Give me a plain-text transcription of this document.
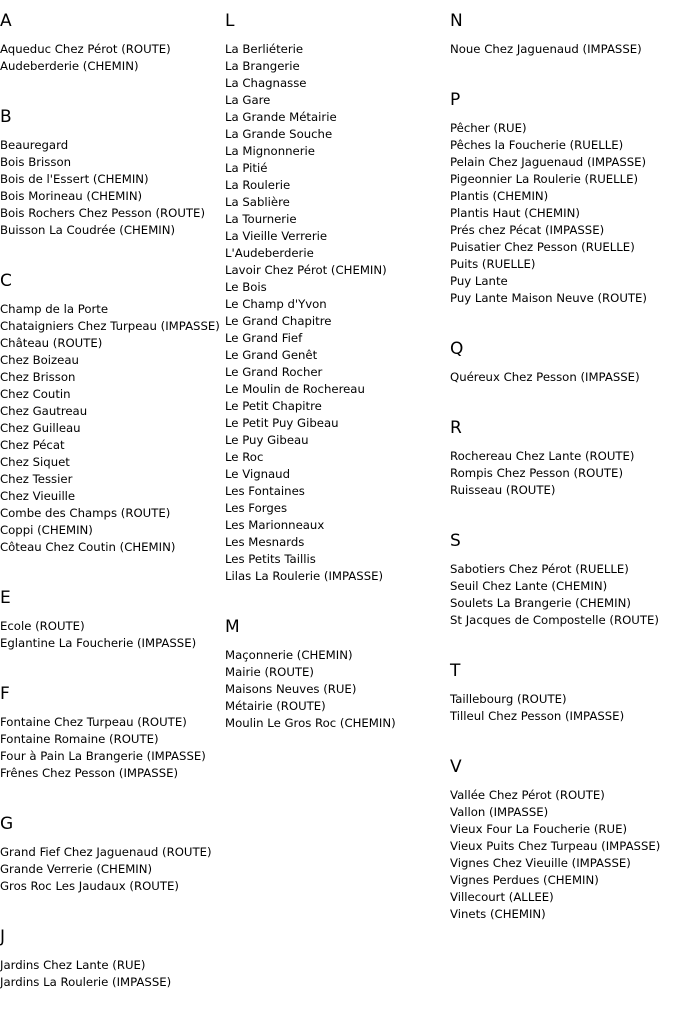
A
Aqueduc Chez Pérot (ROUTE)
Audeberderie (CHEMIN)
B
Beauregard
Bois Brisson
Bois de l'Essert (CHEMIN)
Bois Morineau (CHEMIN)
Bois Rochers Chez Pesson (ROUTE)
Buisson La Coudrée (CHEMIN)
C
Champ de la Porte
Chataigniers Chez Turpeau (IMPASSE)
Château (ROUTE)
Chez Boizeau
Chez Brisson
Chez Coutin
Chez Gautreau
Chez Guilleau
Chez Pécat
Chez Siquet
Chez Tessier
Chez Vieuille
Combe des Champs (ROUTE)
Coppi (CHEMIN)
Côteau Chez Coutin (CHEMIN)
E
Ecole (ROUTE)
Eglantine La Foucherie (IMPASSE)
F
Fontaine Chez Turpeau (ROUTE)
Fontaine Romaine (ROUTE)
Four à Pain La Brangerie (IMPASSE)
Frênes Chez Pesson (IMPASSE)
G
Grand Fief Chez Jaguenaud (ROUTE)
Grande Verrerie (CHEMIN)
Gros Roc Les Jaudaux (ROUTE)
J
Jardins Chez Lante (RUE)
Jardins La Roulerie (IMPASSE)
L
La Berliéterie
La Brangerie
La Chagnasse
La Gare
La Grande Métairie
La Grande Souche
La Mignonnerie
La Pitié
La Roulerie
La Sablière
La Tournerie
La Vieille Verrerie
L'Audeberderie
Lavoir Chez Pérot (CHEMIN)
Le Bois
Le Champ d'Yvon
Le Grand Chapitre
Le Grand Fief
Le Grand Genêt
Le Grand Rocher
Le Moulin de Rochereau
Le Petit Chapitre
Le Petit Puy Gibeau
Le Puy Gibeau
Le Roc
Le Vignaud
Les Fontaines
Les Forges
Les Marionneaux
Les Mesnards
Les Petits Taillis
Lilas La Roulerie (IMPASSE)
M
Maçonnerie (CHEMIN)
Mairie (ROUTE)
Maisons Neuves (RUE)
Métairie (ROUTE)
Moulin Le Gros Roc (CHEMIN)
N
Noue Chez Jaguenaud (IMPASSE)
P
Pêcher (RUE)
Pêches la Foucherie (RUELLE)
Pelain Chez Jaguenaud (IMPASSE)
Pigeonnier La Roulerie (RUELLE)
Plantis (CHEMIN)
Plantis Haut (CHEMIN)
Prés chez Pécat (IMPASSE)
Puisatier Chez Pesson (RUELLE)
Puits (RUELLE)
Puy Lante
Puy Lante Maison Neuve (ROUTE)
Q
Quéreux Chez Pesson (IMPASSE)
R
Rochereau Chez Lante (ROUTE)
Rompis Chez Pesson (ROUTE)
Ruisseau (ROUTE)
S
Sabotiers Chez Pérot (RUELLE)
Seuil Chez Lante (CHEMIN)
Soulets La Brangerie (CHEMIN)
St Jacques de Compostelle (ROUTE)
T
Taillebourg (ROUTE)
Tilleul Chez Pesson (IMPASSE)
V
Vallée Chez Pérot (ROUTE)
Vallon (IMPASSE)
Vieux Four La Foucherie (RUE)
Vieux Puits Chez Turpeau (IMPASSE)
Vignes Chez Vieuille (IMPASSE)
Vignes Perdues (CHEMIN)
Villecourt (ALLEE)
Vinets (CHEMIN)
